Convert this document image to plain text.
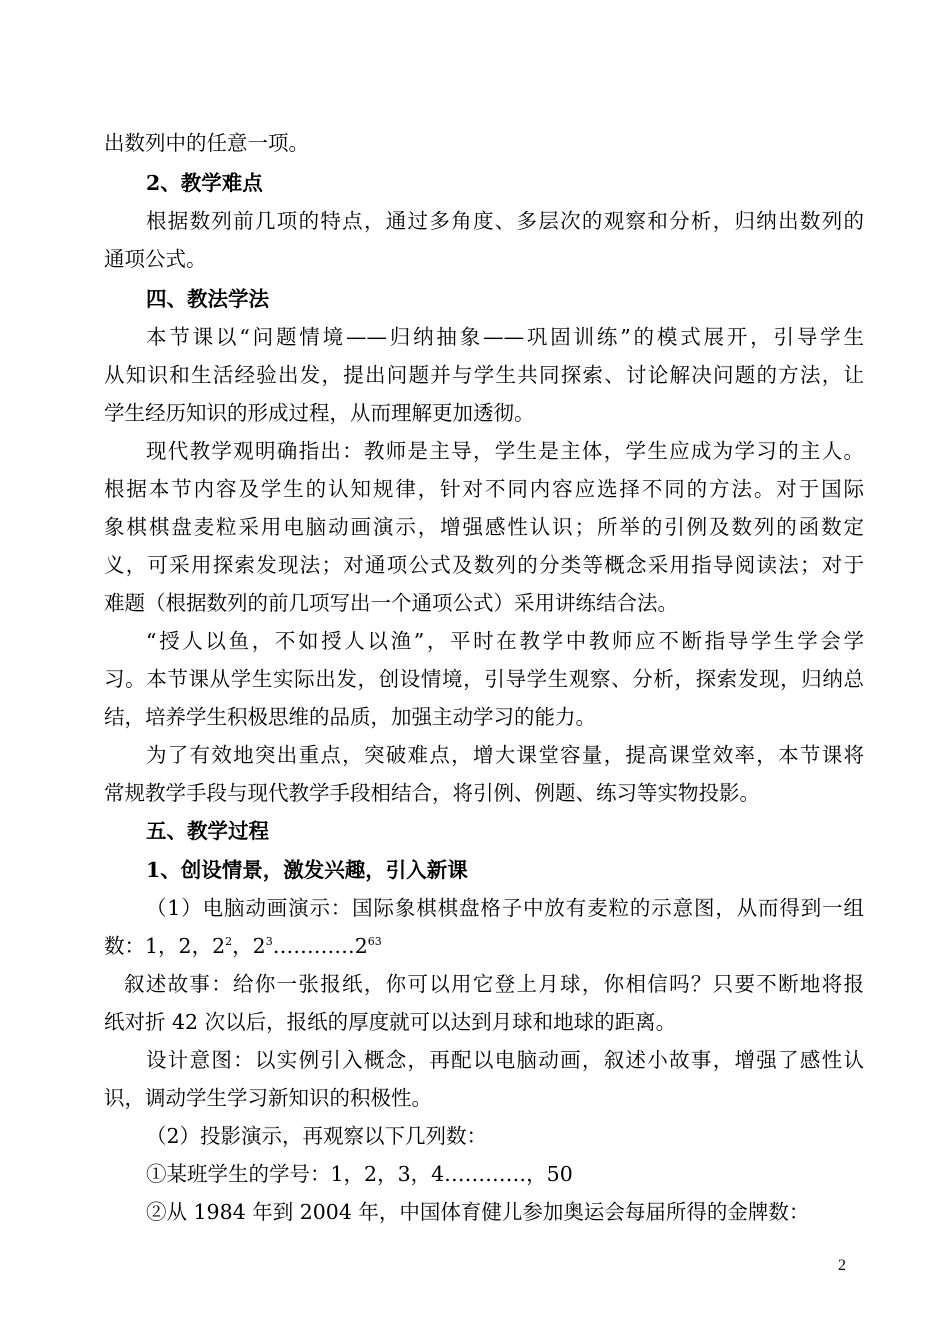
出数列中的任意一项。
2、教学难点
根据数列前几项的特点，通过多角度、多层次的观察和分析，归纳出数列的
通项公式。
四、教法学法
本节课以“问题情境——归纳抽象——巩固训练”的模式展开，引导学生
从知识和生活经验出发，提出问题并与学生共同探索、讨论解决问题的方法，让
学生经历知识的形成过程，从而理解更加透彻。
现代教学观明确指出：教师是主导，学生是主体，学生应成为学习的主人。
根据本节内容及学生的认知规律，针对不同内容应选择不同的方法。对于国际
象棋棋盘麦粒采用电脑动画演示，增强感性认识；所举的引例及数列的函数定
义，可采用探索发现法；对通项公式及数列的分类等概念采用指导阅读法；对于
难题（根据数列的前几项写出一个通项公式）采用讲练结合法。
“授人以鱼，不如授人以渔”，平时在教学中教师应不断指导学生学会学
习。本节课从学生实际出发，创设情境，引导学生观察、分析，探索发现，归纳总
结，培养学生积极思维的品质，加强主动学习的能力。
为了有效地突出重点，突破难点，增大课堂容量，提高课堂效率，本节课将
常规教学手段与现代教学手段相结合，将引例、例题、练习等实物投影。
五、教学过程
1、创设情景，激发兴趣，引入新课
（1）电脑动画演示：国际象棋棋盘格子中放有麦粒的示意图，从而得到一组
数：1，2，$2^2$，$2^3\dots\dots\dots\dots 2^{63}$
叙述故事：给你一张报纸，你可以用它登上月球，你相信吗？只要不断地将报
纸对折 42 次以后，报纸的厚度就可以达到月球和地球的距离。
设计意图：以实例引入概念，再配以电脑动画，叙述小故事，增强了感性认
识，调动学生学习新知识的积极性。
（2）投影演示，再观察以下几列数：
①某班学生的学号：1，2，3，4…………，50
②从 1984 年到 2004 年，中国体育健儿参加奥运会每届所得的金牌数：
2
